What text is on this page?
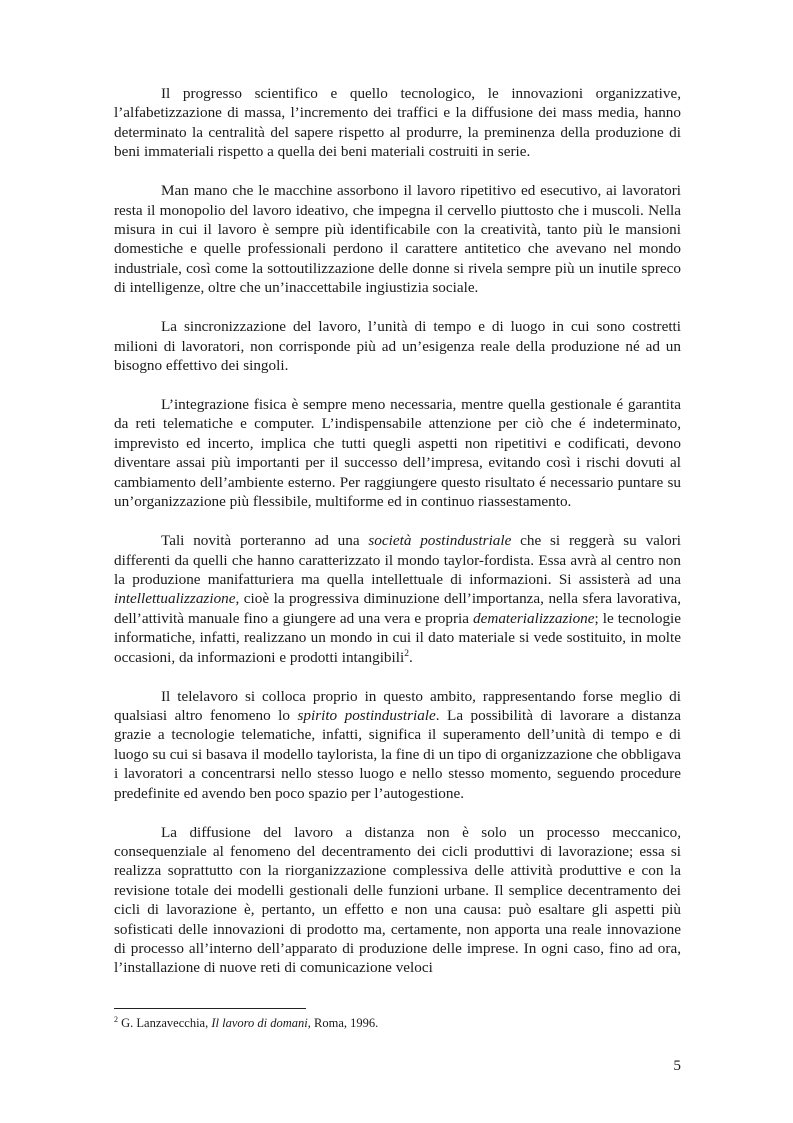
Il progresso scientifico e quello tecnologico, le innovazioni organizzative, l’alfabetizzazione di massa, l’incremento dei traffici e la diffusione dei mass media, hanno determinato la centralità del sapere rispetto al produrre, la preminenza della produzione di beni immateriali rispetto a quella dei beni materiali costruiti in serie.

Man mano che le macchine assorbono il lavoro ripetitivo ed esecutivo, ai lavoratori resta il monopolio del lavoro ideativo, che impegna il cervello piuttosto che i muscoli. Nella misura in cui il lavoro è sempre più identificabile con la creatività, tanto più le mansioni domestiche e quelle professionali perdono il carattere antitetico che avevano nel mondo industriale, così come la sottoutilizzazione delle donne si rivela sempre più un inutile spreco di intelligenze, oltre che un’inaccettabile ingiustizia sociale.

La sincronizzazione del lavoro, l’unità di tempo e di luogo in cui sono costretti milioni di lavoratori, non corrisponde più ad un’esigenza reale della produzione né ad un bisogno effettivo dei singoli.

L’integrazione fisica è sempre meno necessaria, mentre quella gestionale é garantita da reti telematiche e computer. L’indispensabile attenzione per ciò che é indeterminato, imprevisto ed incerto, implica che tutti quegli aspetti non ripetitivi e codificati, devono diventare assai più importanti per il successo dell’impresa, evitando così i rischi dovuti al cambiamento dell’ambiente esterno. Per raggiungere questo risultato é necessario puntare su un’organizzazione più flessibile, multiforme ed in continuo riassestamento.

Tali novità porteranno ad una società postindustriale che si reggerà su valori differenti da quelli che hanno caratterizzato il mondo taylor-fordista. Essa avrà al centro non la produzione manifatturiera ma quella intellettuale di informazioni. Si assisterà ad una intellettualizzazione, cioè la progressiva diminuzione dell’importanza, nella sfera lavorativa, dell’attività manuale fino a giungere ad una vera e propria dematerializzazione; le tecnologie informatiche, infatti, realizzano un mondo in cui il dato materiale si vede sostituito, in molte occasioni, da informazioni e prodotti intangibili$^2$.

Il telelavoro si colloca proprio in questo ambito, rappresentando forse meglio di qualsiasi altro fenomeno lo spirito postindustriale. La possibilità di lavorare a distanza grazie a tecnologie telematiche, infatti, significa il superamento dell’unità di tempo e di luogo su cui si basava il modello taylorista, la fine di un tipo di organizzazione che obbligava i lavoratori a concentrarsi nello stesso luogo e nello stesso momento, seguendo procedure predefinite ed avendo ben poco spazio per l’autogestione.

La diffusione del lavoro a distanza non è solo un processo meccanico, consequenziale al fenomeno del decentramento dei cicli produttivi di lavorazione; essa si realizza soprattutto con la riorganizzazione complessiva delle attività produttive e con la revisione totale dei modelli gestionali delle funzioni urbane. Il semplice decentramento dei cicli di lavorazione è, pertanto, un effetto e non una causa: può esaltare gli aspetti più sofisticati delle innovazioni di prodotto ma, certamente, non apporta una reale innovazione di processo all’interno dell’apparato di produzione delle imprese. In ogni caso, fino ad ora, l’installazione di nuove reti di comunicazione veloci

$^2$ G. Lanzavecchia, Il lavoro di domani, Roma, 1996.
5
